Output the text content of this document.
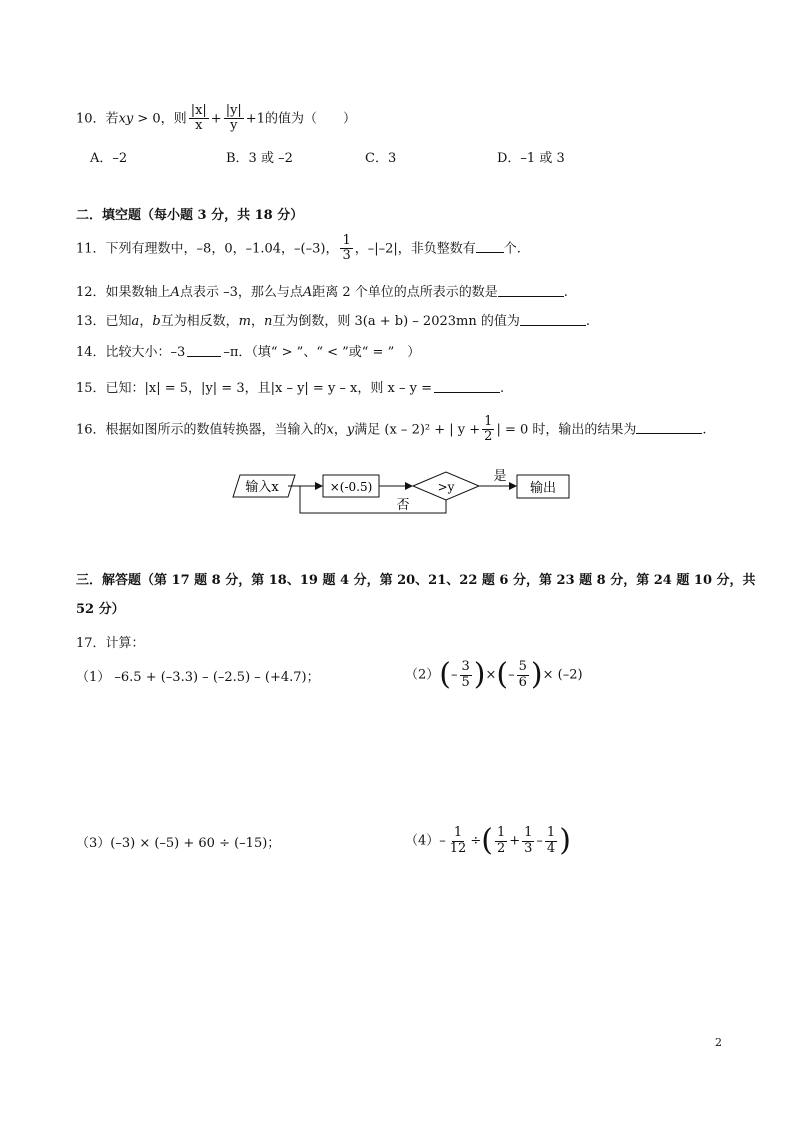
10．若xy > 0，则 $\frac{|x|}{x} + \frac{|y|}{y} +1$的值为（　　）
A．–2	B．3 或 –2	C．3	D．–1 或 3
二．填空题（每小题 3 分，共 18 分）
11．下列有理数中，–8，0，–1.04，–(–3)， $\frac{1}{3}$ ，–|–2|，非负整数有 个.
12．如果数轴上A点表示 –3，那么与点A距离 2 个单位的点所表示的数是	.
13．已知a，b互为相反数，m，n互为倒数，则 3(a + b) – 2023mn 的值为	.
14．比较大小：–3	–π．（填“ > ”、“ < ”或“ = ”　）
15．已知：|x| = 5，|y| = 3，且|x – y| = y – x，则 x – y =	.
16．根据如图所示的数值转换器，当输入的x，y满足 (x – 2)² + | $y + \frac{1}{2}$ | = 0 时，输出的结果为	.
输入x	×(-0.5)	>y
是
输出
否
三．解答题（第 17 题 8 分，第 18、19 题 4 分，第 20、21、22 题 6 分，第 23 题 8 分，第 24 题 10 分，共
52 分）
17．计算：
（1） –6.5 + (–3.3) – (–2.5) – (+4.7)；	$(2)(- \frac{3}{5}$ )×(– $\frac{5}{6}$ )× (–2)
（3）(–3) × (–5) + 60 ÷ (–15)；	$(4)- \frac{1}{12}$ ÷( $\frac{1}{2} + \frac{1}{3} - \frac{1}{4}$ )
2
